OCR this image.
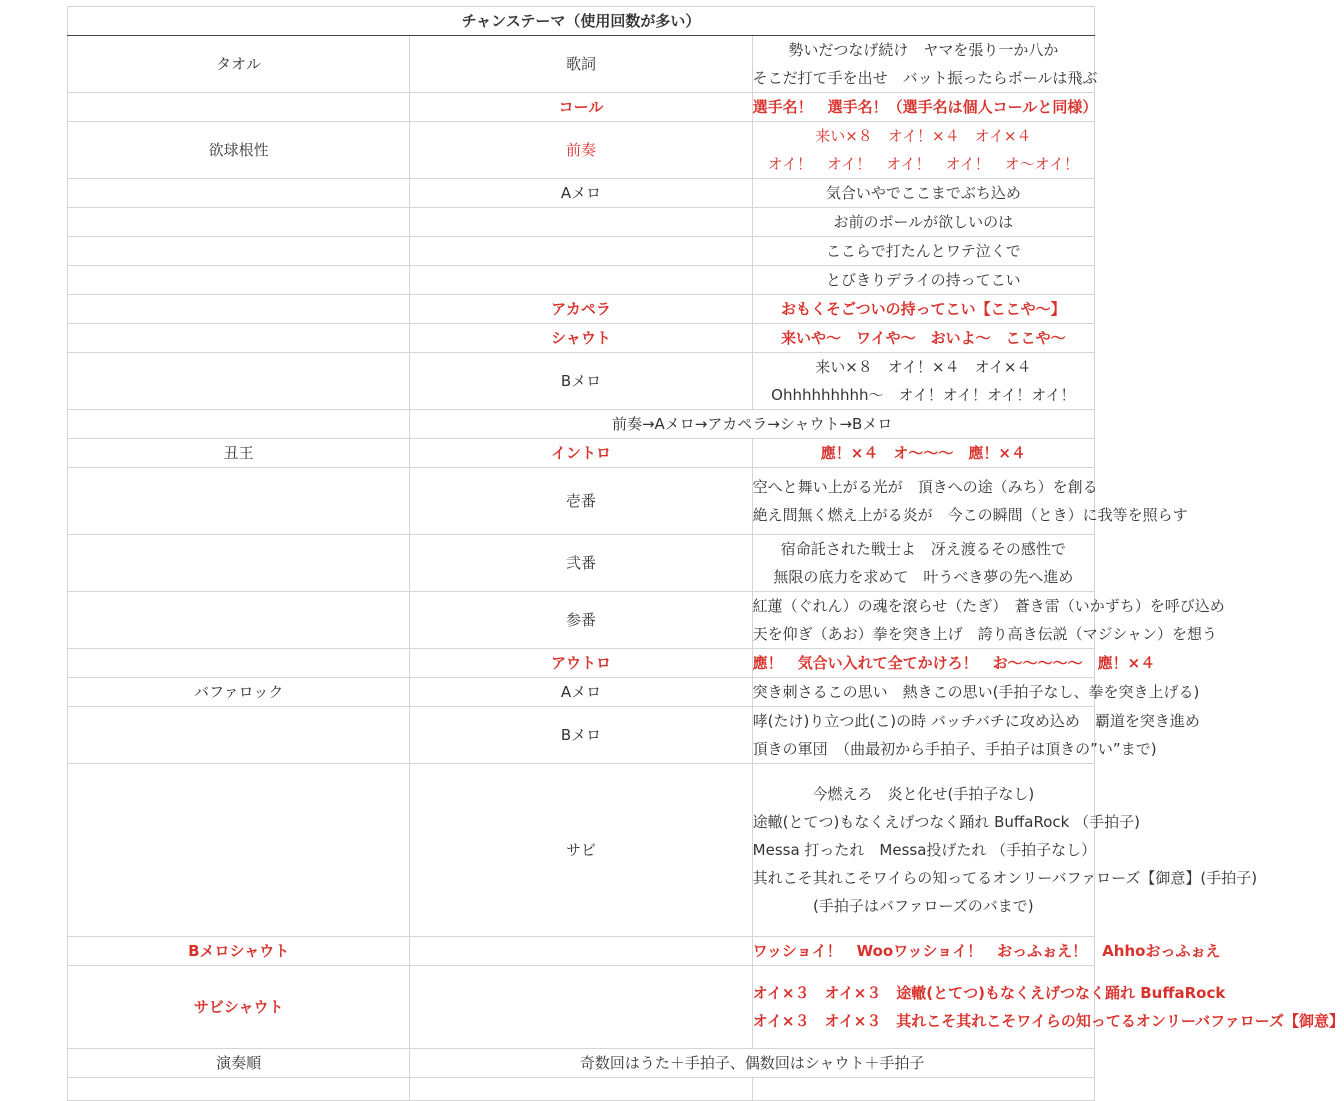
チャンステーマ（使用回数が多い）		
タオル	歌詞	勢いだつなげ続け　ヤマを張り一か八か
そこだ打て手を出せ　バット振ったらボールは飛ぶ

	コール	選手名！　選手名！（選手名は個人コールと同様）
欲球根性	前奏	来い×８　オイ！×４　オイ×４
オイ！　オイ！　オイ！　オイ！　オ〜オイ！

	Aメロ	気合いやでここまでぶち込め
		お前のボールが欲しいのは
		ここらで打たんとワテ泣くで
		とびきりデライの持ってこい
	アカペラ	おもくそごついの持ってこい【ここや〜】
	シャウト	来いや〜　ワイや〜　おいよ〜　ここや〜
	Bメロ	来い×８　オイ！×４　オイ×４
Ohhhhhhhhh〜　オイ！オイ！オイ！オイ！

	前奏→Aメロ→アカペラ→シャウト→Bメロ	
丑王	イントロ	應！×４　オ〜〜〜　應！×４
	壱番	空へと舞い上がる光が　頂きへの途（みち）を創る
絶え間無く燃え上がる炎が　今この瞬間（とき）に我等を照らす

	弐番	宿命託された戦士よ　冴え渡るその感性で
無限の底力を求めて　叶うべき夢の先へ進め

	参番	紅蓮（ぐれん）の魂を滾らせ（たぎ）　蒼き雷（いかずち）を呼び込め
天を仰ぎ（あお）拳を突き上げ　誇り高き伝説（マジシャン）を想う

	アウトロ	應！　気合い入れて全てかけろ！　お〜〜〜〜〜　應！×４
バファロック	Aメロ	突き刺さるこの思い　熱きこの思い(手拍子なし、拳を突き上げる)
	Bメロ	哮(たけ)り立つ此(こ)の時 バッチバチに攻め込め　覇道を突き進め
頂きの軍団　（曲最初から手拍子、手拍子は頂きの”い”まで)

	サビ	今燃えろ　炎と化せ(手拍子なし)
途轍(とてつ)もなくえげつなく踊れ BuffaRock （手拍子)
Messa 打ったれ　Messa投げたれ （手拍子なし）
其れこそ其れこそワイらの知ってるオンリーバファローズ【御意】(手拍子)
(手拍子はバファローズのバまで)

Bメロシャウト		ワッショイ！　Wooワッショイ！　おっふぉえ！　Ahhoおっふぉえ
サビシャウト		オイ×３　オイ×３　途轍(とてつ)もなくえげつなく踊れ BuffaRock
オイ×３　オイ×３　其れこそ其れこそワイらの知ってるオンリーバファローズ【御意】

演奏順	奇数回はうた＋手拍子、偶数回はシャウト＋手拍子	
